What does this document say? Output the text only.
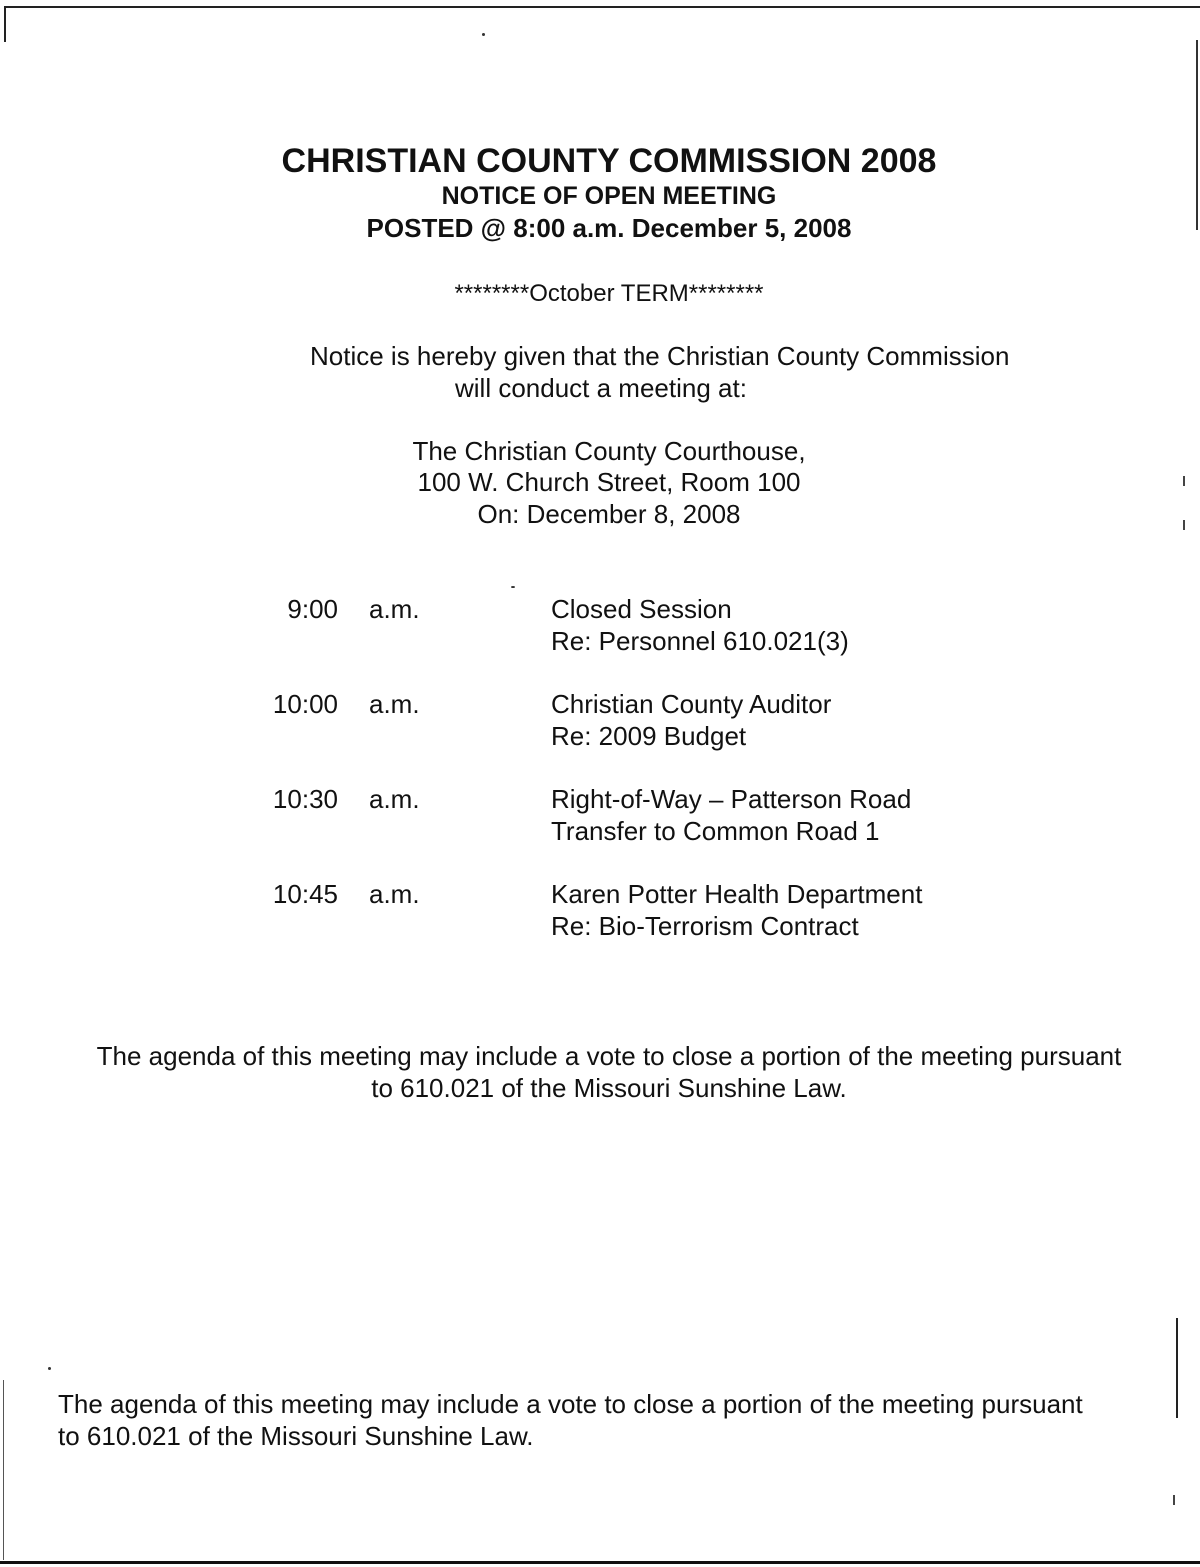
CHRISTIAN COUNTY COMMISSION 2008
NOTICE OF OPEN MEETING
POSTED @ 8:00 a.m. December 5, 2008
********October TERM********
Notice is hereby given that the Christian County Commission
will conduct a meeting at:
The Christian County Courthouse,
100 W. Church Street, Room 100
On: December 8, 2008
9:00 a.m.	Closed Session
Re: Personnel 610.021(3)
10:00 a.m.	Christian County Auditor
Re: 2009 Budget
10:30 a.m.	Right-of-Way – Patterson Road
Transfer to Common Road 1
10:45 a.m.	Karen Potter Health Department
Re: Bio-Terrorism Contract
The agenda of this meeting may include a vote to close a portion of the meeting pursuant
to 610.021 of the Missouri Sunshine Law.
The agenda of this meeting may include a vote to close a portion of the meeting pursuant
to 610.021 of the Missouri Sunshine Law.
